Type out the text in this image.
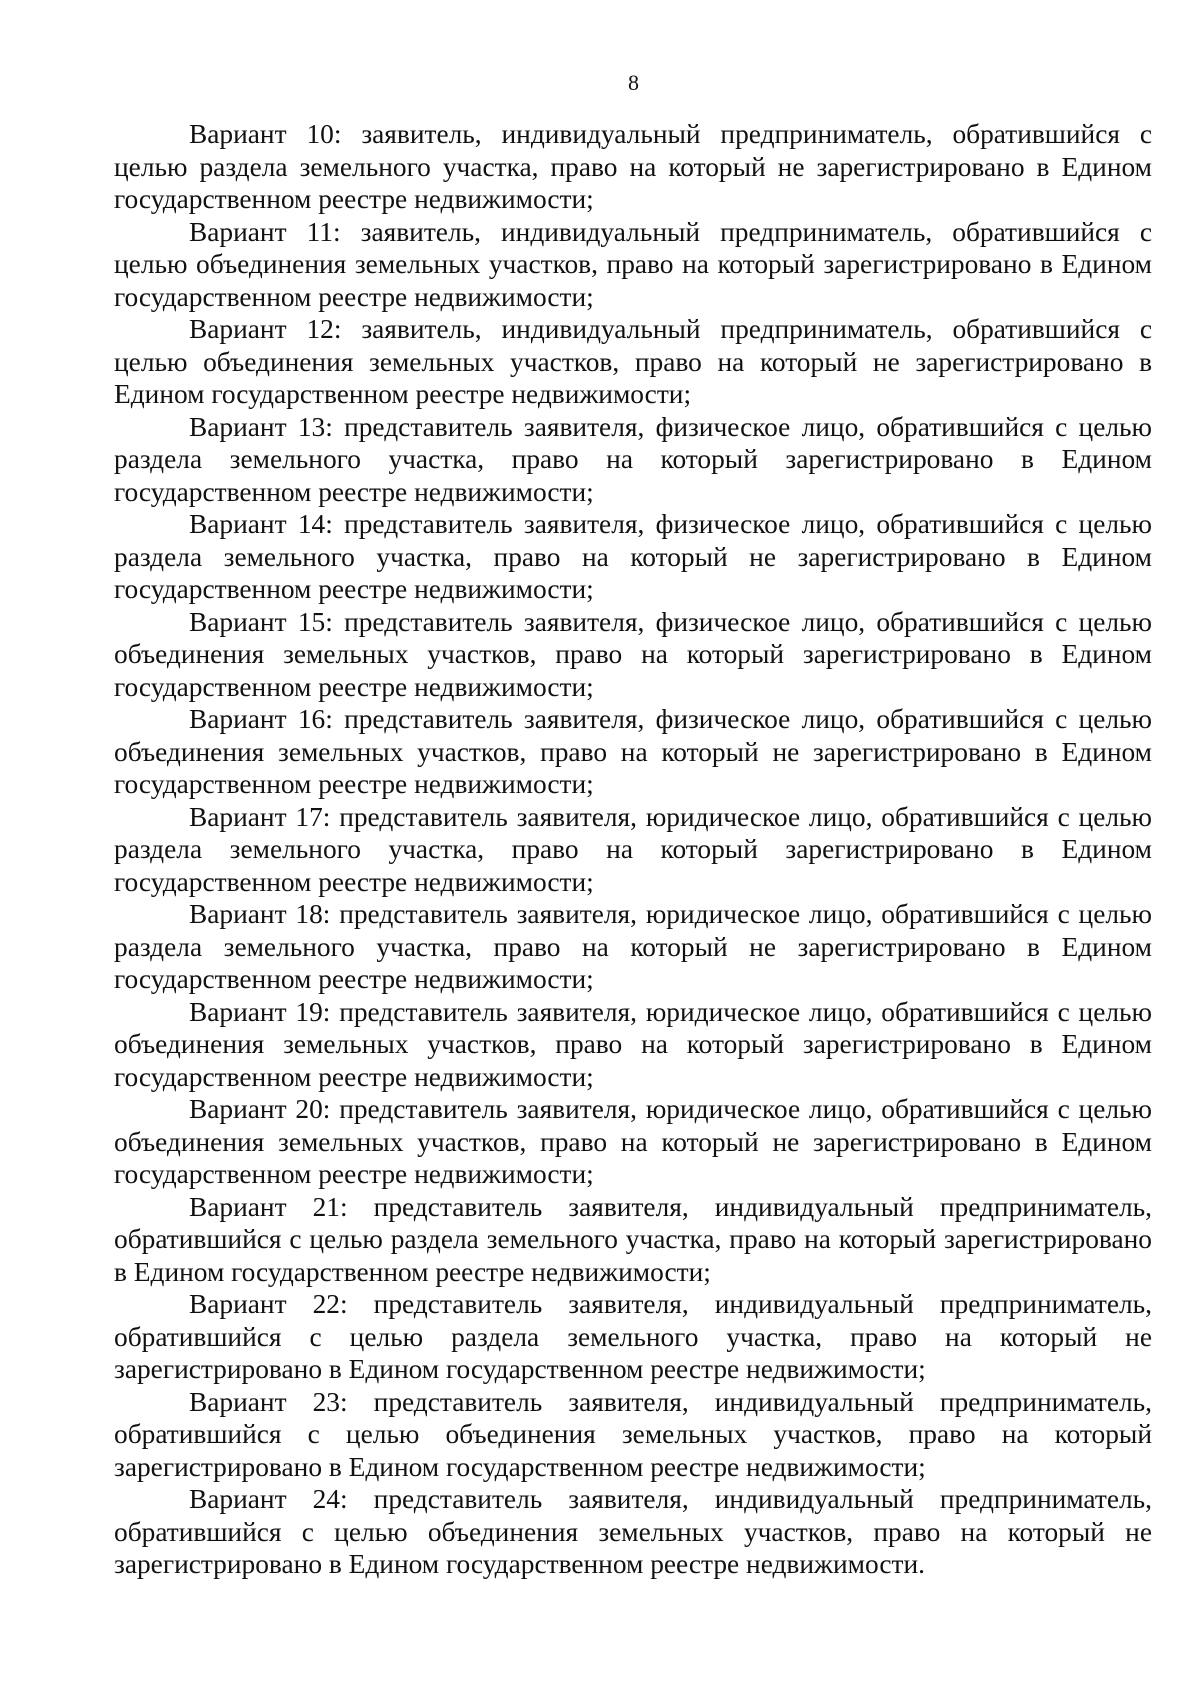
8

Вариант 10: заявитель, индивидуальный предприниматель, обратившийся с целью раздела земельного участка, право на который не зарегистрировано в Едином государственном реестре недвижимости;

Вариант 11: заявитель, индивидуальный предприниматель, обратившийся с целью объединения земельных участков, право на который зарегистрировано в Едином государственном реестре недвижимости;

Вариант 12: заявитель, индивидуальный предприниматель, обратившийся с целью объединения земельных участков, право на который не зарегистрировано в Едином государственном реестре недвижимости;

Вариант 13: представитель заявителя, физическое лицо, обратившийся с целью раздела земельного участка, право на который зарегистрировано в Едином государственном реестре недвижимости;

Вариант 14: представитель заявителя, физическое лицо, обратившийся с целью раздела земельного участка, право на который не зарегистрировано в Едином государственном реестре недвижимости;

Вариант 15: представитель заявителя, физическое лицо, обратившийся с целью объединения земельных участков, право на который зарегистрировано в Едином государственном реестре недвижимости;

Вариант 16: представитель заявителя, физическое лицо, обратившийся с целью объединения земельных участков, право на который не зарегистрировано в Едином государственном реестре недвижимости;

Вариант 17: представитель заявителя, юридическое лицо, обратившийся с целью раздела земельного участка, право на который зарегистрировано в Едином государственном реестре недвижимости;

Вариант 18: представитель заявителя, юридическое лицо, обратившийся с целью раздела земельного участка, право на который не зарегистрировано в Едином государственном реестре недвижимости;

Вариант 19: представитель заявителя, юридическое лицо, обратившийся с целью объединения земельных участков, право на который зарегистрировано в Едином государственном реестре недвижимости;

Вариант 20: представитель заявителя, юридическое лицо, обратившийся с целью объединения земельных участков, право на который не зарегистрировано в Едином государственном реестре недвижимости;

Вариант 21: представитель заявителя, индивидуальный предприниматель, обратившийся с целью раздела земельного участка, право на который зарегистрировано в Едином государственном реестре недвижимости;

Вариант 22: представитель заявителя, индивидуальный предприниматель, обратившийся с целью раздела земельного участка, право на который не зарегистрировано в Едином государственном реестре недвижимости;

Вариант 23: представитель заявителя, индивидуальный предприниматель, обратившийся с целью объединения земельных участков, право на который зарегистрировано в Едином государственном реестре недвижимости;

Вариант 24: представитель заявителя, индивидуальный предприниматель, обратившийся с целью объединения земельных участков, право на который не зарегистрировано в Едином государственном реестре недвижимости.
